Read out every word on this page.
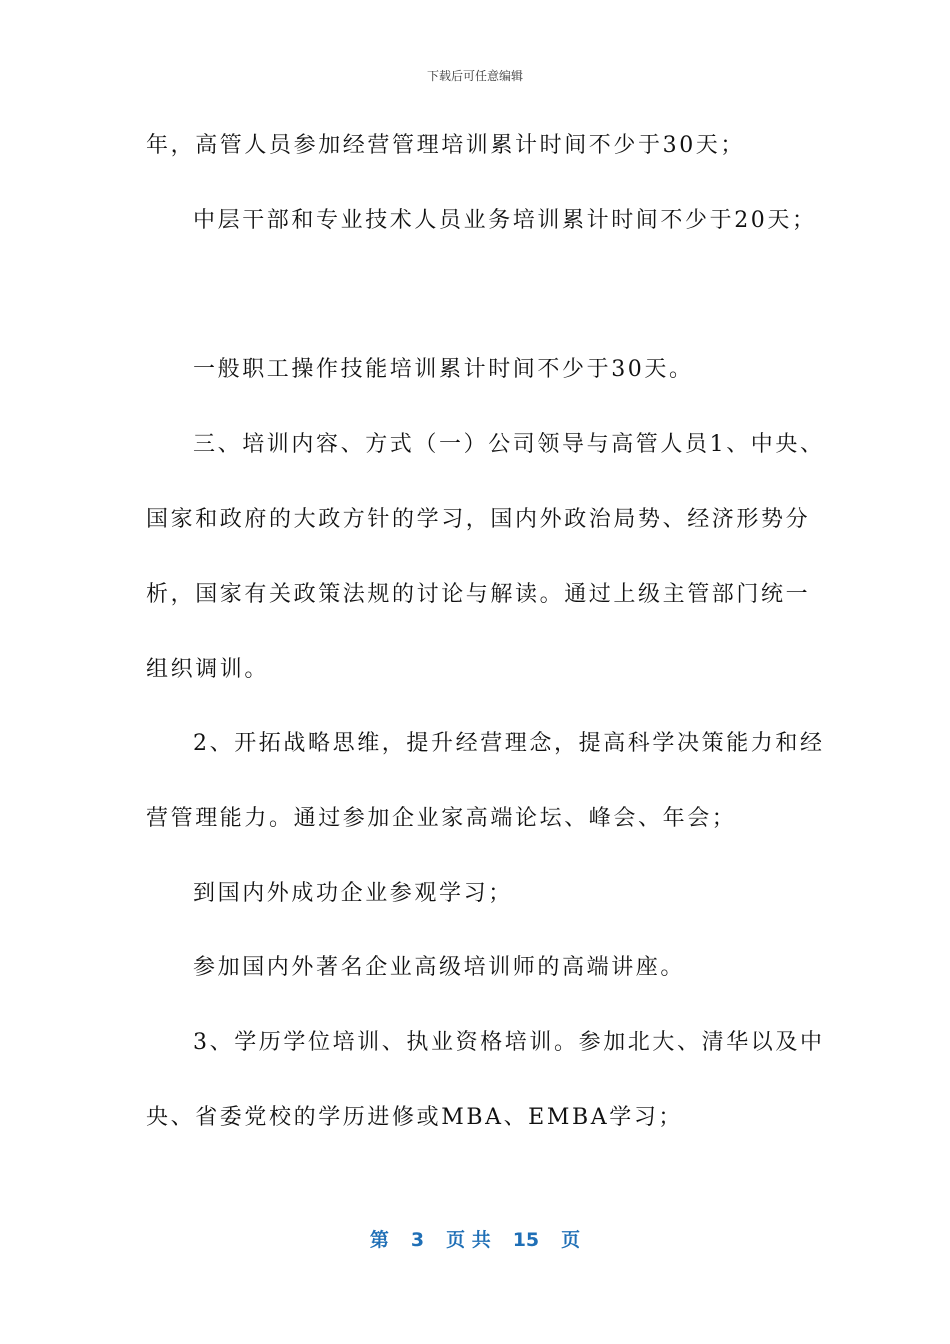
下载后可任意编辑
年，高管人员参加经营管理培训累计时间不少于30天；
中层干部和专业技术人员业务培训累计时间不少于20天；
一般职工操作技能培训累计时间不少于30天。
三、培训内容、方式（一）公司领导与高管人员1、中央、
国家和政府的大政方针的学习，国内外政治局势、经济形势分
析，国家有关政策法规的讨论与解读。通过上级主管部门统一
组织调训。
2、开拓战略思维，提升经营理念，提高科学决策能力和经
营管理能力。通过参加企业家高端论坛、峰会、年会；
到国内外成功企业参观学习；
参加国内外著名企业高级培训师的高端讲座。
3、学历学位培训、执业资格培训。参加北大、清华以及中
央、省委党校的学历进修或MBA、EMBA学习；
第 3 页 共 15 页
